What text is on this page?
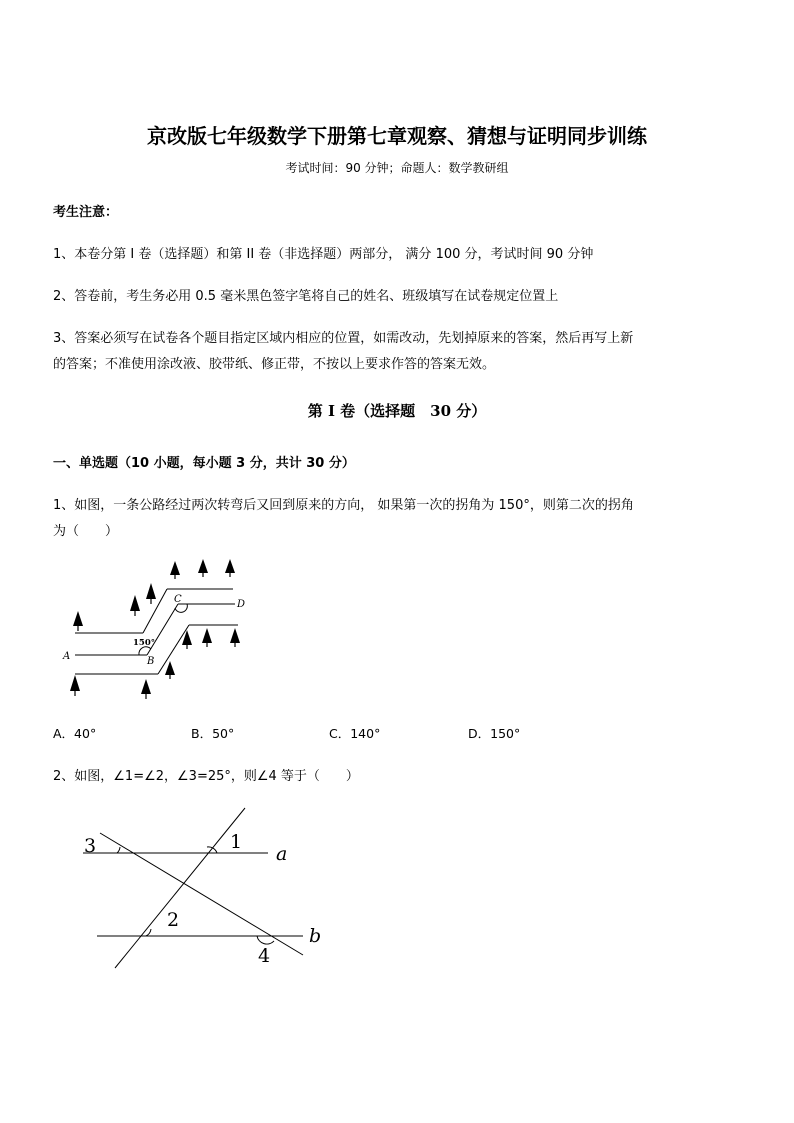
京改版七年级数学下册第七章观察、猜想与证明同步训练
考试时间：90 分钟；命题人：数学教研组
考生注意：
1、本卷分第 I 卷（选择题）和第 II 卷（非选择题）两部分， 满分 100 分，考试时间 90 分钟
2、答卷前，考生务必用 0.5 毫米黑色签字笔将自己的姓名、班级填写在试卷规定位置上
3、答案必须写在试卷各个题目指定区域内相应的位置，如需改动，先划掉原来的答案，然后再写上新
的答案；不准使用涂改液、胶带纸、修正带，不按以上要求作答的答案无效。
第 I 卷（选择题　30 分）
一、单选题（10 小题，每小题 3 分，共计 30 分）
1、如图，一条公路经过两次转弯后又回到原来的方向， 如果第一次的拐角为 150°，则第二次的拐角
为（　　）
A	B
C	D
150°
A．40°	B．50°	C．140°	D．150°
2、如图，∠1=∠2，∠3=25°，则∠4 等于（　　）
3	1
2
4
a
b
